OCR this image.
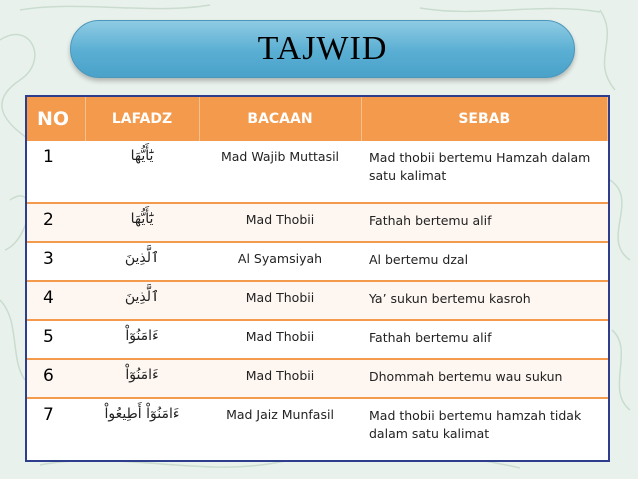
TAJWID
NO	LAFADZ	BACAAN	SEBAB
1	يَٰٓأَيُّهَا	Mad Wajib Muttasil	Mad thobii bertemu Hamzah dalam satu kalimat
2	يَٰٓأَيُّهَا	Mad Thobii	Fathah bertemu alif
3	ٱلَّذِينَ	Al Syamsiyah	Al bertemu dzal
4	ٱلَّذِينَ	Mad Thobii	Ya’ sukun bertemu kasroh
5	ءَامَنُوٓاْ	Mad Thobii	Fathah bertemu alif
6	ءَامَنُوٓاْ	Mad Thobii	Dhommah bertemu wau sukun
7	ءَامَنُوٓاْ أَطِيعُواْ	Mad Jaiz Munfasil	Mad thobii bertemu hamzah tidak dalam satu kalimat
